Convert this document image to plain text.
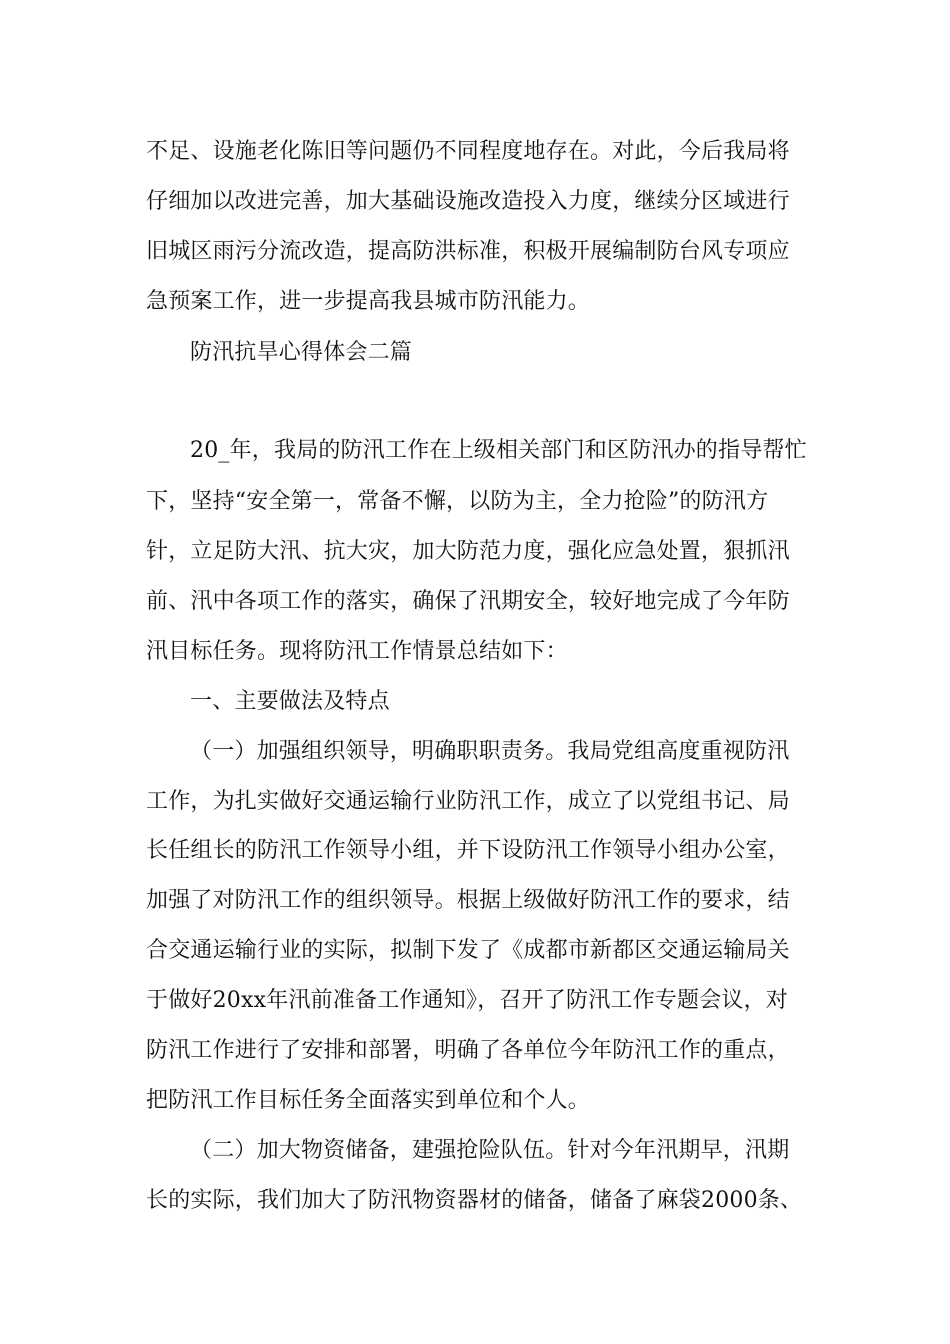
不足、设施老化陈旧等问题仍不同程度地存在。对此，今后我局将
仔细加以改进完善，加大基础设施改造投入力度，继续分区域进行
旧城区雨污分流改造，提高防洪标准，积极开展编制防台风专项应
急预案工作，进一步提高我县城市防汛能力。
防汛抗旱心得体会二篇
20_年，我局的防汛工作在上级相关部门和区防汛办的指导帮忙
下，坚持“安全第一，常备不懈，以防为主，全力抢险”的防汛方
针，立足防大汛、抗大灾，加大防范力度，强化应急处置，狠抓汛
前、汛中各项工作的落实，确保了汛期安全，较好地完成了今年防
汛目标任务。现将防汛工作情景总结如下：
一、主要做法及特点
（一）加强组织领导，明确职职责务。我局党组高度重视防汛
工作，为扎实做好交通运输行业防汛工作，成立了以党组书记、局
长任组长的防汛工作领导小组，并下设防汛工作领导小组办公室，
加强了对防汛工作的组织领导。根据上级做好防汛工作的要求，结
合交通运输行业的实际，拟制下发了《成都市新都区交通运输局关
于做好20xx年汛前准备工作通知》，召开了防汛工作专题会议，对
防汛工作进行了安排和部署，明确了各单位今年防汛工作的重点，
把防汛工作目标任务全面落实到单位和个人。
（二）加大物资储备，建强抢险队伍。针对今年汛期早，汛期
长的实际，我们加大了防汛物资器材的储备，储备了麻袋2000条、
